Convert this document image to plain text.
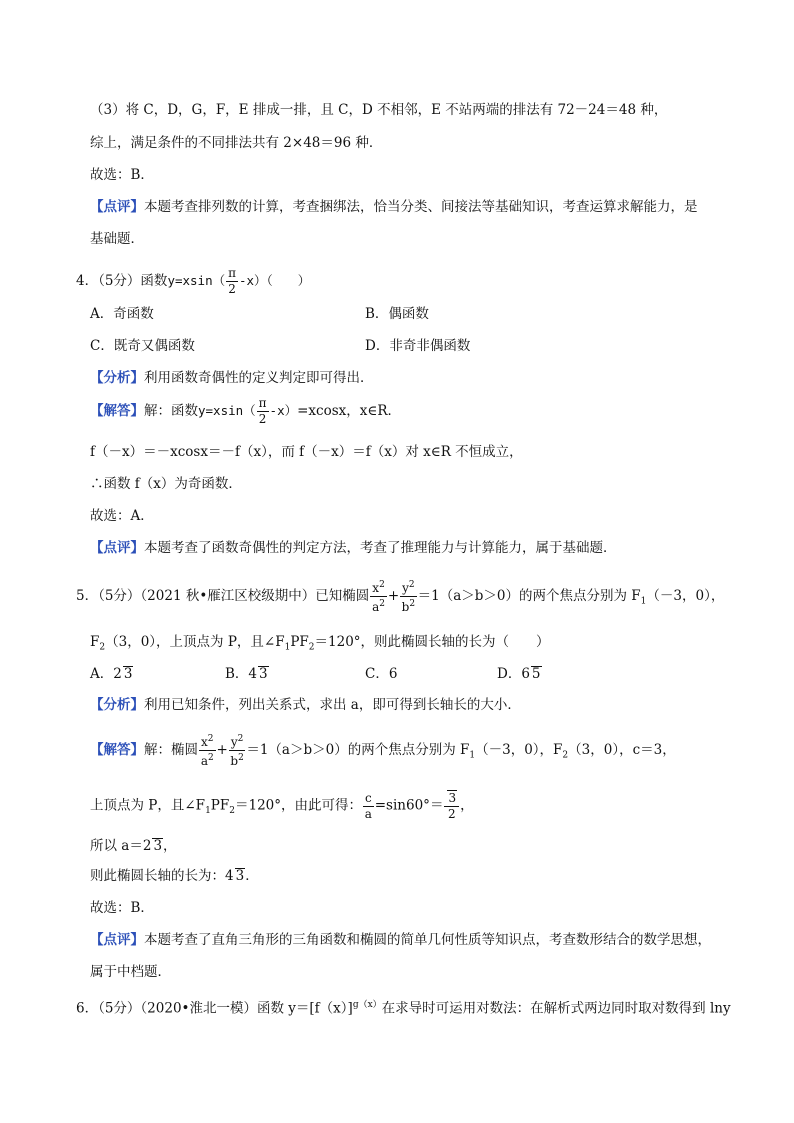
（3）将 C，D，G，F，E 排成一排，且 C，D 不相邻，E 不站两端的排法有 72－24＝48 种，
综上，满足条件的不同排法共有 2×48＝96 种．
故选：B．
【点评】本题考查排列数的计算，考查捆绑法，恰当分类、间接法等基础知识，考查运算求解能力，是
基础题．
4．（5分）函数$y=xsin( \frac{\pi}{2} -x)$（　　）
A．奇函数	B．偶函数
C．既奇又偶函数	D．非奇非偶函数
【分析】利用函数奇偶性的定义判定即可得出．
【解答】解：函数$y=xsin( \frac{\pi}{2} -x)=xcosx$，x∈R．
f（－x）＝－xcosx＝－f（x），而 f（－x）＝f（x）对 x∈R 不恒成立，
∴函数 f（x）为奇函数．
故选：A．
【点评】本题考查了函数奇偶性的判定方法，考查了推理能力与计算能力，属于基础题．
5．（5分）（2021 秋•雁江区校级期中）已知椭圆 $\frac{x^2}{a^2} + \frac{y^2}{b^2} =1(a>b>0)$的两个焦点分别为 $F_1(-3$，0），
$F_2(3$，0），上顶点为 P，且$\angle F_1PF_2=120^\circ$，则此椭圆长轴的长为（　　）
A．2 3	B．4 3	C．6	D．6 5
【分析】利用已知条件，列出关系式，求出 a，即可得到长轴长的大小．
【解答】解：椭圆 $\frac{x^2}{a^2} + \frac{y^2}{b^2} =1(a>b>0)$的两个焦点分别为 $F_1(-3$，0），$F_2(3$，0），c＝3，
上顶点为 P，且$\angle F_1PF_2=120^\circ$，由此可得： $\frac{c}{a} =\sin 60^\circ= \frac{3}{2}$ ，
所以 a＝2 3，
则此椭圆长轴的长为：4 3．
故选：B．
【点评】本题考查了直角三角形的三角函数和椭圆的简单几何性质等知识点，考查数形结合的数学思想，
属于中档题．
6．（5分）（2020•淮北一模）函数 $y=[f(x)]^{g(x)}$在求导时可运用对数法：在解析式两边同时取对数得到 lny
